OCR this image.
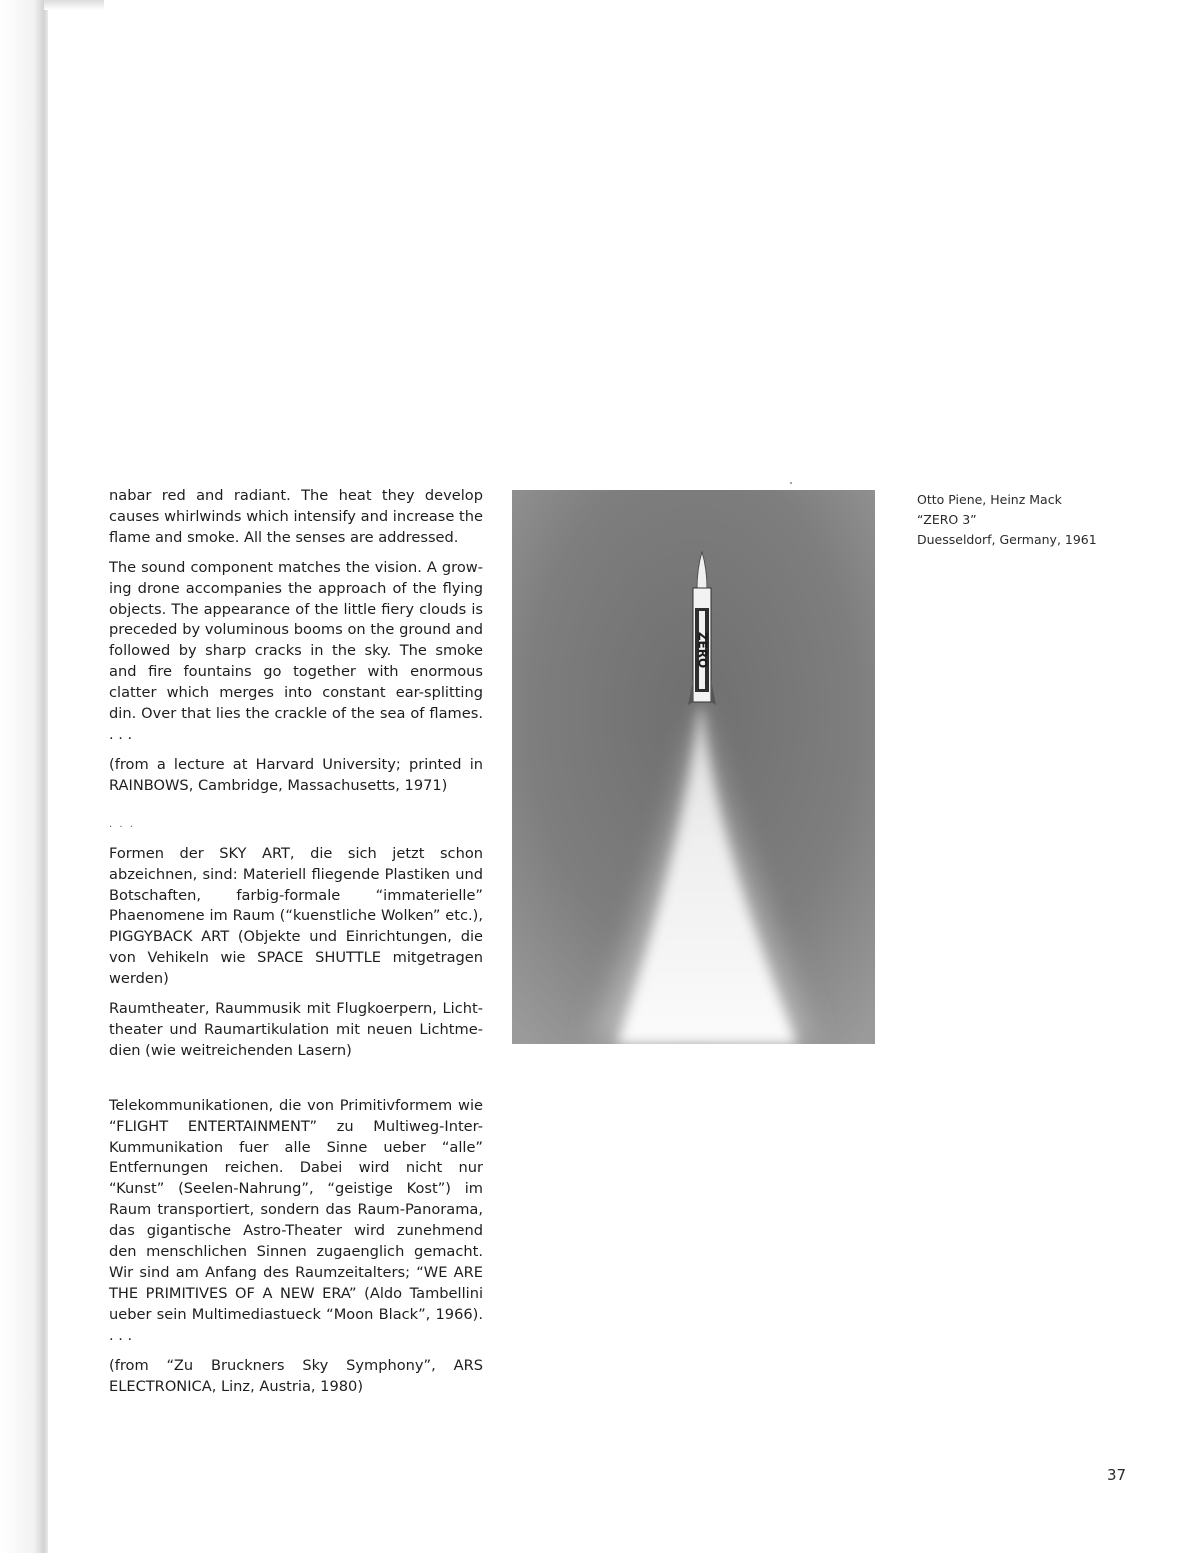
nabar red and radiant. The heat they develop causes whirlwinds which intensify and increase the flame and smoke. All the senses are addressed.

The sound component matches the vision. A growing drone accompanies the approach of the flying objects. The appearance of the little fiery clouds is preceded by voluminous booms on the ground and followed by sharp cracks in the sky. The smoke and fire fountains go together with enormous clatter which merges into constant ear-splitting din. Over that lies the crackle of the sea of flames. . . .

(from a lecture at Harvard University; printed in RAINBOWS, Cambridge, Massachusetts, 1971)

. . .

Formen der SKY ART, die sich jetzt schon abzeichnen, sind: Materiell fliegende Plastiken und Botschaften, farbig-formale “immaterielle” Phaenomene im Raum (“kuenstliche Wolken” etc.), PIGGYBACK ART (Objekte und Einrichtungen, die von Vehikeln wie SPACE SHUTTLE mitgetragen werden)

Raumtheater, Raummusik mit Flugkoerpern, Lichttheater und Raumartikulation mit neuen Lichtmedien (wie weitreichenden Lasern)

Telekommunikationen, die von Primitivformem wie “FLIGHT ENTERTAINMENT” zu Multiweg-Inter-Kummunikation fuer alle Sinne ueber “alle” Entfernungen reichen. Dabei wird nicht nur “Kunst” (Seelen-Nahrung”, “geistige Kost”) im Raum transportiert, sondern das Raum-Panorama, das gigantische Astro-Theater wird zunehmend den menschlichen Sinnen zugaenglich gemacht. Wir sind am Anfang des Raumzeitalters; “WE ARE THE PRIMITIVES OF A NEW ERA” (Aldo Tambellini ueber sein Multimediastueck “Moon Black”, 1966). . . .

(from “Zu Bruckners Sky Symphony”, ARS ELECTRONICA, Linz, Austria, 1980)

ZERO
Otto Piene, Heinz Mack
“ZERO 3”
Duesseldorf, Germany, 1961
37
